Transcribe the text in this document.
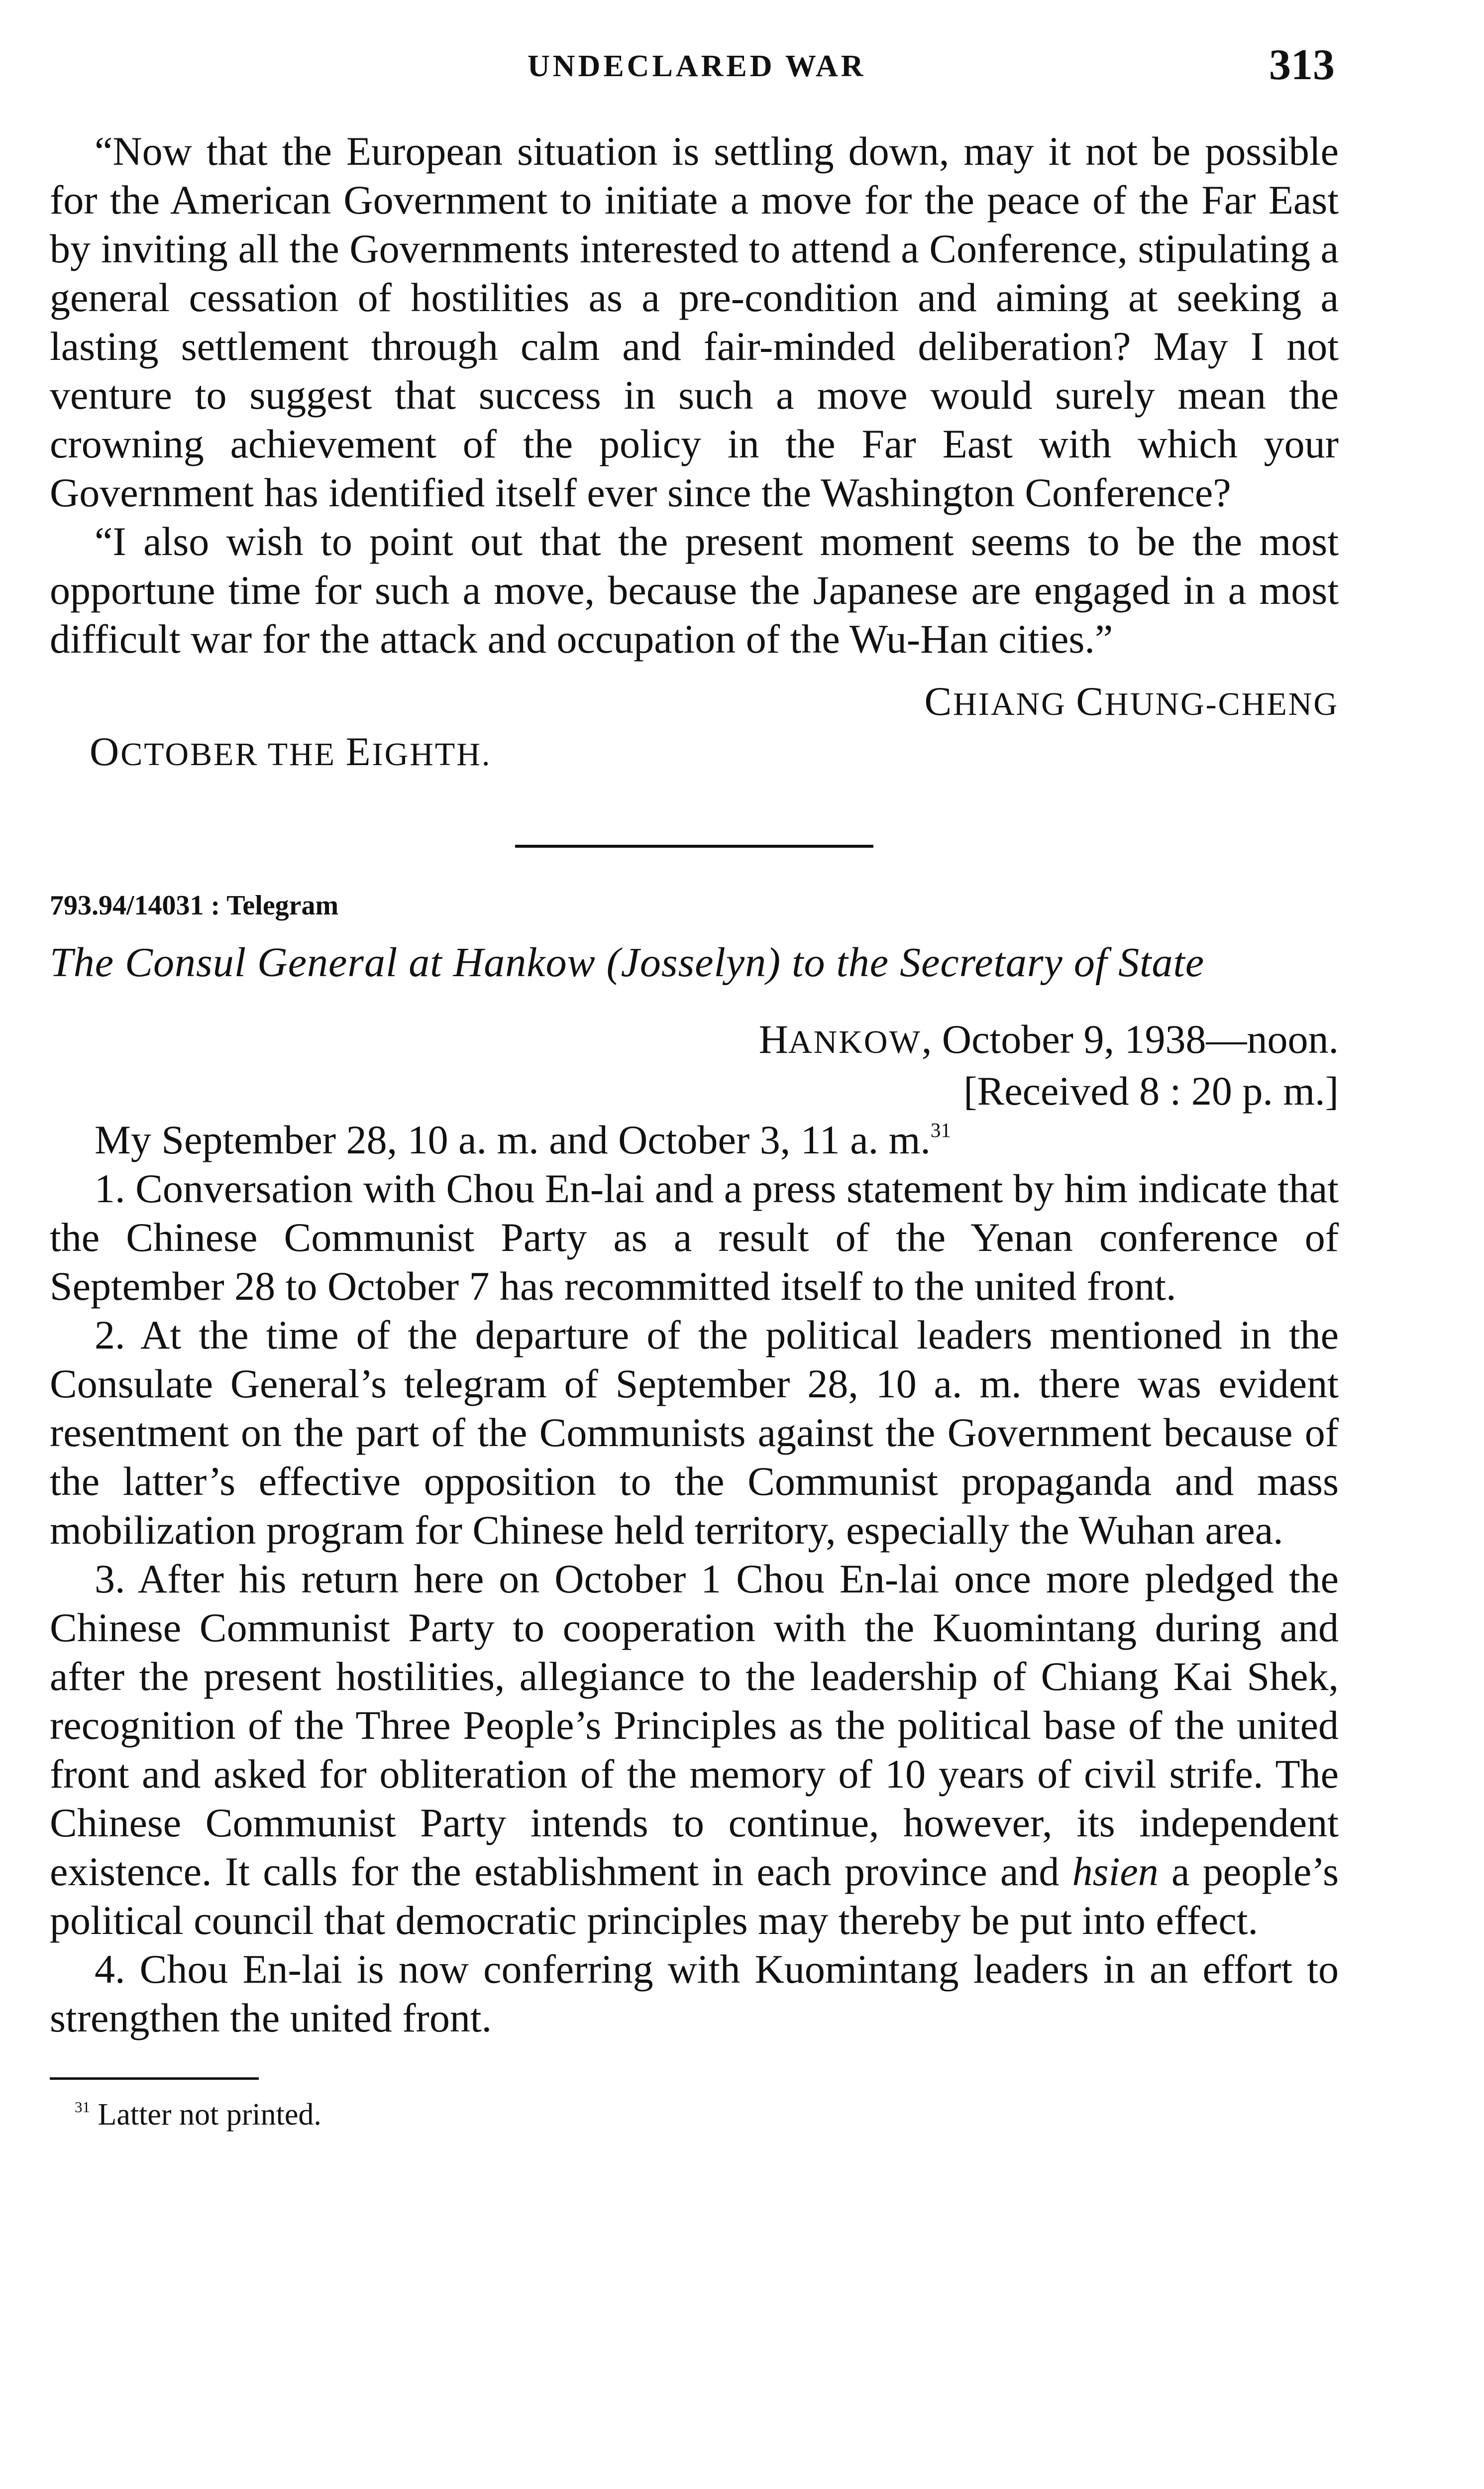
UNDECLARED WAR	313

“Now that the European situation is settling down, may it not be possible for the American Government to initiate a move for the peace of the Far East by inviting all the Governments interested to attend a Conference, stipulating a general cessation of hostilities as a pre-condition and aiming at seeking a lasting settlement through calm and fair-minded deliberation? May I not venture to suggest that success in such a move would surely mean the crowning achievement of the policy in the Far East with which your Government has identified itself ever since the Washington Conference?

“I also wish to point out that the present moment seems to be the most opportune time for such a move, because the Japanese are engaged in a most difficult war for the attack and occupation of the Wu-Han cities.”

CHIANG CHUNG-CHENG

OCTOBER THE EIGHTH.

793.94/14031 : Telegram

The Consul General at Hankow (Josselyn) to the Secretary of State

HANKOW, October 9, 1938—noon.

[Received 8 : 20 p. m.]

My September 28, 10 a. m. and October 3, 11 a. m.$^{31}$

1. Conversation with Chou En-lai and a press statement by him indicate that the Chinese Communist Party as a result of the Yenan conference of September 28 to October 7 has recommitted itself to the united front.

2. At the time of the departure of the political leaders mentioned in the Consulate General’s telegram of September 28, 10 a. m. there was evident resentment on the part of the Communists against the Government because of the latter’s effective opposition to the Communist propaganda and mass mobilization program for Chinese held territory, especially the Wuhan area.

3. After his return here on October 1 Chou En-lai once more pledged the Chinese Communist Party to cooperation with the Kuomintang during and after the present hostilities, allegiance to the leadership of Chiang Kai Shek, recognition of the Three People’s Principles as the political base of the united front and asked for obliteration of the memory of 10 years of civil strife. The Chinese Communist Party intends to continue, however, its independent existence. It calls for the establishment in each province and hsien a people’s political council that democratic principles may thereby be put into effect.

4. Chou En-lai is now conferring with Kuomintang leaders in an effort to strengthen the united front.

$^{31}$ Latter not printed.
